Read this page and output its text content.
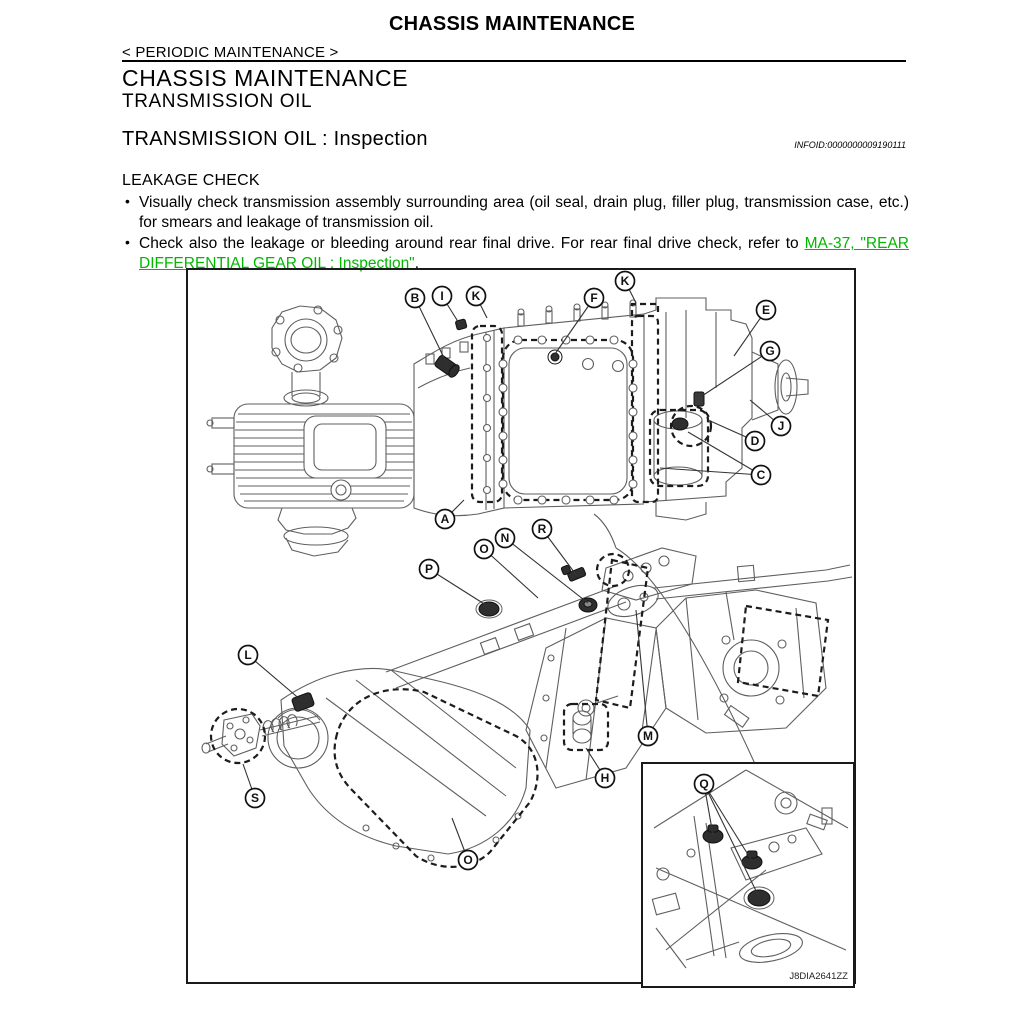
CHASSIS MAINTENANCE
< PERIODIC MAINTENANCE >
CHASSIS MAINTENANCE
TRANSMISSION OIL
TRANSMISSION OIL : Inspection	INFOID:0000000009190111
LEAKAGE CHECK

• Visually check transmission assembly surrounding area (oil seal, drain plug, filler plug, transmission case, etc.) for smears and leakage of transmission oil.

• Check also the leakage or bleeding around rear final drive. For rear final drive check, refer to MA-37, "REAR DIFFERENTIAL GEAR OIL : Inspection".

J8DIA2641ZZ
B I K	F
K
E
G
J
D
C
A
R
N
O
P
L
S
M
H
O
Q
